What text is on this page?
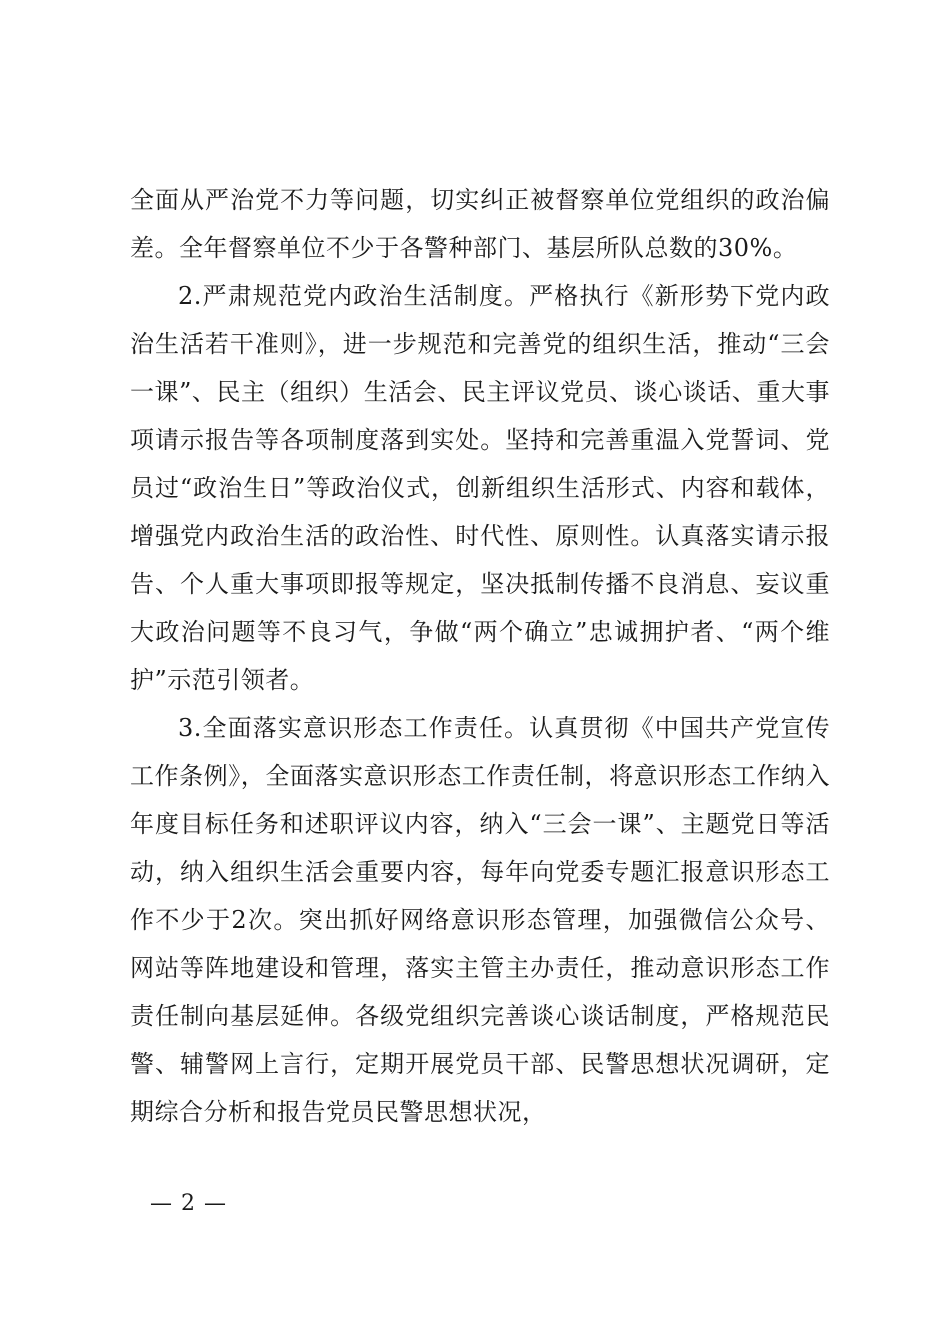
全面从严治党不力等问题，切实纠正被督察单位党组织的政治偏差。全年督察单位不少于各警种部门、基层所队总数的30%。

2.严肃规范党内政治生活制度。严格执行《新形势下党内政治生活若干准则》，进一步规范和完善党的组织生活，推动“三会一课”、民主（组织）生活会、民主评议党员、谈心谈话、重大事项请示报告等各项制度落到实处。坚持和完善重温入党誓词、党员过“政治生日”等政治仪式，创新组织生活形式、内容和载体，增强党内政治生活的政治性、时代性、原则性。认真落实请示报告、个人重大事项即报等规定，坚决抵制传播不良消息、妄议重大政治问题等不良习气，争做“两个确立”忠诚拥护者、“两个维护”示范引领者。

3.全面落实意识形态工作责任。认真贯彻《中国共产党宣传工作条例》，全面落实意识形态工作责任制，将意识形态工作纳入年度目标任务和述职评议内容，纳入“三会一课”、主题党日等活动，纳入组织生活会重要内容，每年向党委专题汇报意识形态工作不少于2次。突出抓好网络意识形态管理，加强微信公众号、网站等阵地建设和管理，落实主管主办责任，推动意识形态工作责任制向基层延伸。各级党组织完善谈心谈话制度，严格规范民警、辅警网上言行，定期开展党员干部、民警思想状况调研，定期综合分析和报告党员民警思想状况，

— 2 —
